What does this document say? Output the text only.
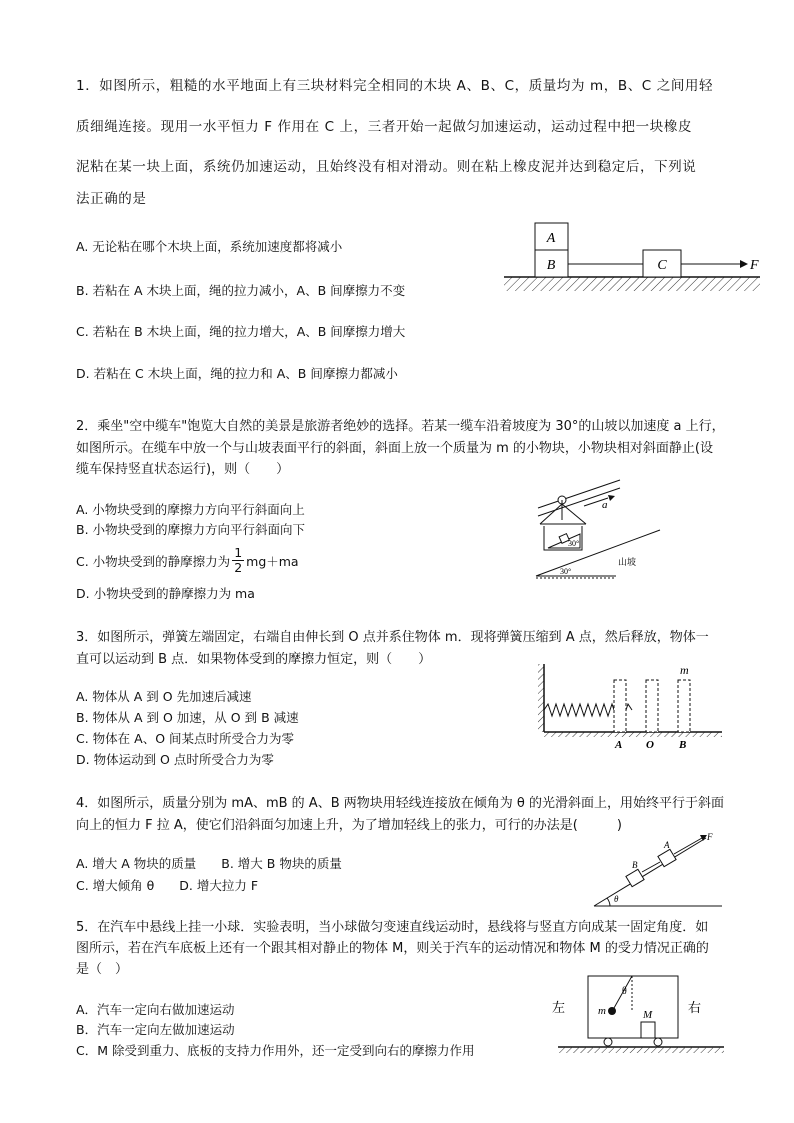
1．如图所示，粗糙的水平地面上有三块材料完全相同的木块 A、B、C，质量均为 m，B、C 之间用轻
质细绳连接。现用一水平恒力 F 作用在 C 上，三者开始一起做匀加速运动，运动过程中把一块橡皮
泥粘在某一块上面，系统仍加速运动，且始终没有相对滑动。则在粘上橡皮泥并达到稳定后，下列说
法正确的是
A. 无论粘在哪个木块上面，系统加速度都将减小
B. 若粘在 A 木块上面，绳的拉力减小，A、B 间摩擦力不变
C. 若粘在 B 木块上面，绳的拉力增大，A、B 间摩擦力增大
D. 若粘在 C 木块上面，绳的拉力和 A、B 间摩擦力都减小
A
B	C	F
2．乘坐"空中缆车"饱览大自然的美景是旅游者绝妙的选择。若某一缆车沿着坡度为 30°的山坡以加速度 a 上行，
如图所示。在缆车中放一个与山坡表面平行的斜面，斜面上放一个质量为 m 的小物块，小物块相对斜面静止(设
缆车保持竖直状态运行)，则（　　）
A. 小物块受到的摩擦力方向平行斜面向上
B. 小物块受到的摩擦力方向平行斜面向下
C. 小物块受到的静摩擦力为 $\frac{1}{2} mg+ma$
D. 小物块受到的静摩擦力为 ma
a
30°
30°
山坡
3．如图所示，弹簧左端固定，右端自由伸长到 O 点并系住物体 m．现将弹簧压缩到 A 点，然后释放，物体一
直可以运动到 B 点．如果物体受到的摩擦力恒定，则（　　）
A. 物体从 A 到 O 先加速后减速
B. 物体从 A 到 O 加速，从 O 到 B 减速
C. 物体在 A、O 间某点时所受合力为零
D. 物体运动到 O 点时所受合力为零
m
A O B
4．如图所示，质量分别为 mA、mB 的 A、B 两物块用轻线连接放在倾角为 θ 的光滑斜面上，用始终平行于斜面
向上的恒力 F 拉 A，使它们沿斜面匀加速上升，为了增加轻线上的张力，可行的办法是(　　　)
A. 增大 A 物块的质量　　B. 增大 B 物块的质量
C. 增大倾角 θ　　D. 增大拉力 F
θ
F
A
B
5．在汽车中悬线上挂一小球．实验表明，当小球做匀变速直线运动时，悬线将与竖直方向成某一固定角度．如
图所示，若在汽车底板上还有一个跟其相对静止的物体 M，则关于汽车的运动情况和物体 M 的受力情况正确的
是（　）
A．汽车一定向右做加速运动
B．汽车一定向左做加速运动
C．M 除受到重力、底板的支持力作用外，还一定受到向右的摩擦力作用
左	右
m
θ
M
